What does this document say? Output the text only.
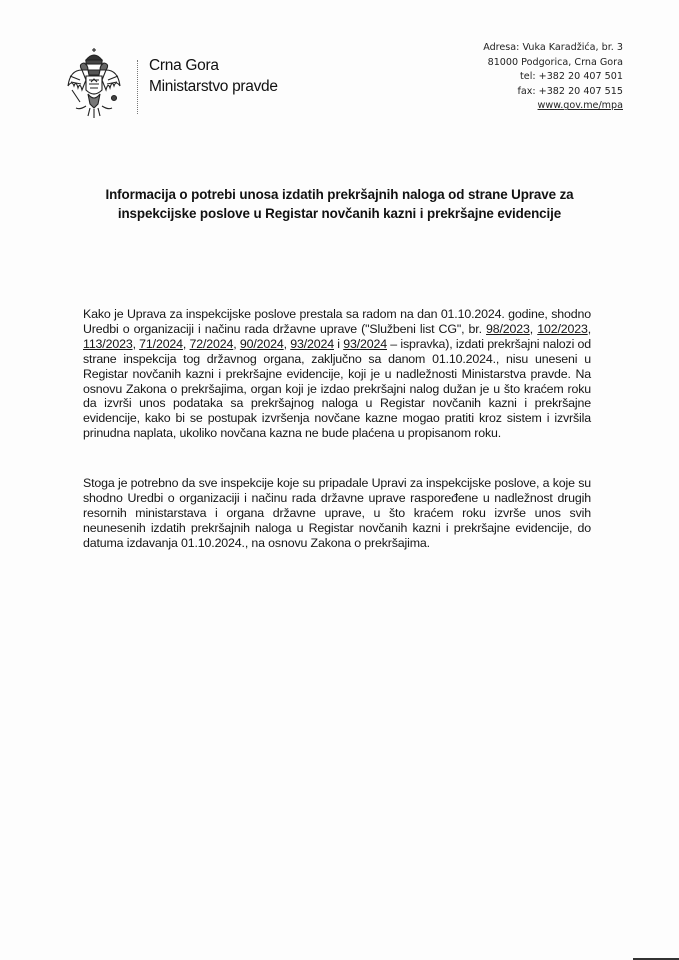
Crna Gora
Ministarstvo pravde
Adresa: Vuka Karadžića, br. 3
81000 Podgorica, Crna Gora
tel: +382 20 407 501
fax: +382 20 407 515
www.gov.me/mpa
Informacija o potrebi unosa izdatih prekršajnih naloga od strane Uprave za
inspekcijske poslove u Registar novčanih kazni i prekršajne evidencije
Kako je Uprava za inspekcijske poslove prestala sa radom na dan 01.10.2024. godine, shodno Uredbi o organizaciji i načinu rada državne uprave ("Službeni list CG", br. 98/2023, 102/2023, 113/2023, 71/2024, 72/2024, 90/2024, 93/2024 i 93/2024 – ispravka), izdati prekršajni nalozi od strane inspekcija tog državnog organa, zaključno sa danom 01.10.2024., nisu uneseni u Registar novčanih kazni i prekršajne evidencije, koji je u nadležnosti Ministarstva pravde. Na osnovu Zakona o prekršajima, organ koji je izdao prekršajni nalog dužan je u što kraćem roku da izvrši unos podataka sa prekršajnog naloga u Registar novčanih kazni i prekršajne evidencije, kako bi se postupak izvršenja novčane kazne mogao pratiti kroz sistem i izvršila prinudna naplata, ukoliko novčana kazna ne bude plaćena u propisanom roku.
Stoga je potrebno da sve inspekcije koje su pripadale Upravi za inspekcijske poslove, a koje su shodno Uredbi o organizaciji i načinu rada državne uprave raspoređene u nadležnost drugih resornih ministarstava i organa državne uprave, u što kraćem roku izvrše unos svih neunesenih izdatih prekršajnih naloga u Registar novčanih kazni i prekršajne evidencije, do datuma izdavanja 01.10.2024., na osnovu Zakona o prekršajima.
